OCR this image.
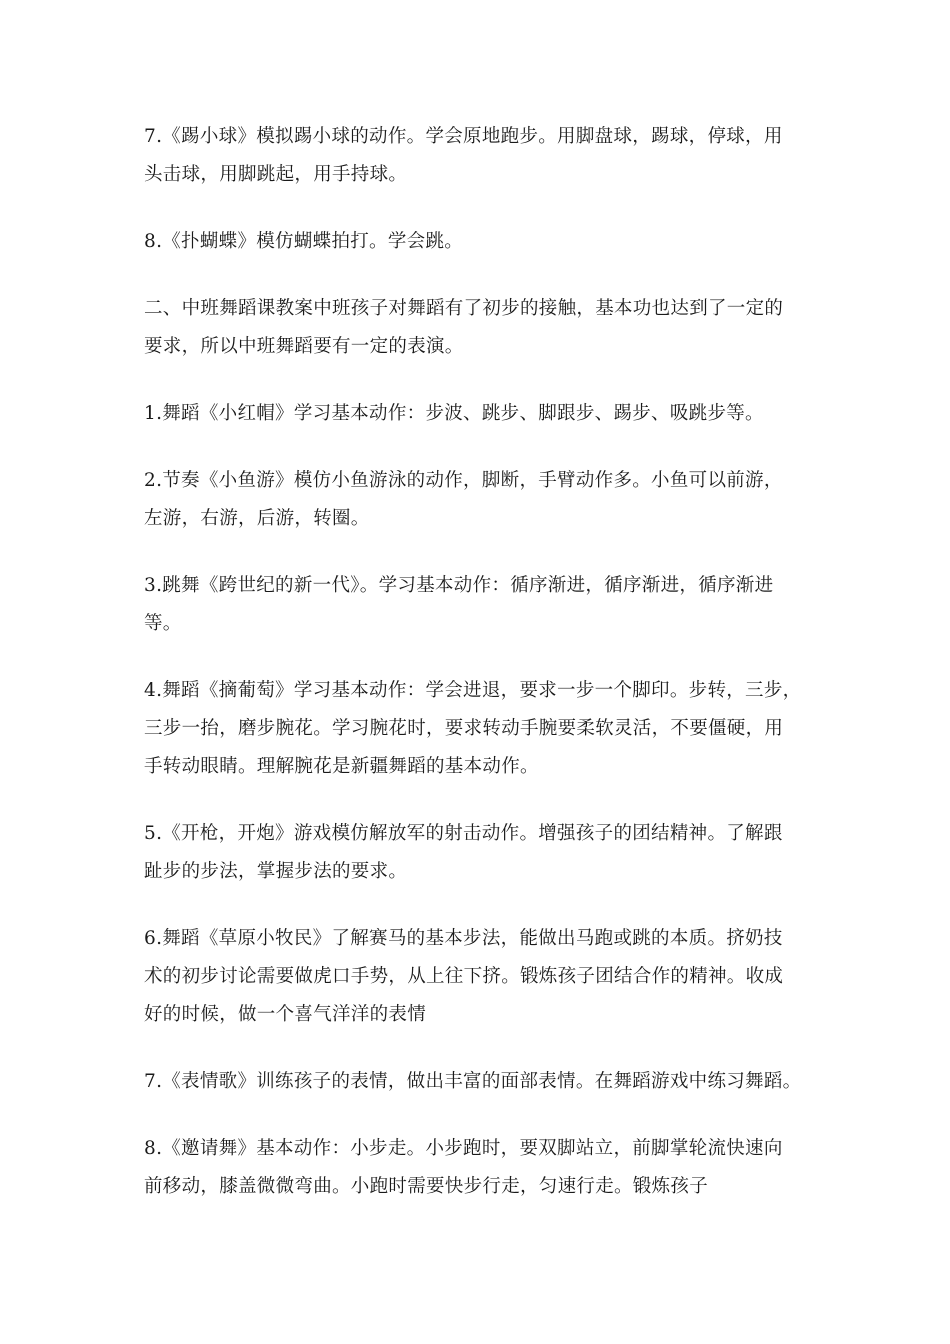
7.《踢小球》模拟踢小球的动作。学会原地跑步。用脚盘球，踢球，停球，用
头击球，用脚跳起，用手持球。

8.《扑蝴蝶》模仿蝴蝶拍打。学会跳。

二、中班舞蹈课教案中班孩子对舞蹈有了初步的接触，基本功也达到了一定的
要求，所以中班舞蹈要有一定的表演。

1.舞蹈《小红帽》学习基本动作：步波、跳步、脚跟步、踢步、吸跳步等。

2.节奏《小鱼游》模仿小鱼游泳的动作，脚断，手臂动作多。小鱼可以前游，
左游，右游，后游，转圈。

3.跳舞《跨世纪的新一代》。学习基本动作：循序渐进，循序渐进，循序渐进
等。

4.舞蹈《摘葡萄》学习基本动作：学会进退，要求一步一个脚印。步转，三步，
三步一抬，磨步腕花。学习腕花时，要求转动手腕要柔软灵活，不要僵硬，用
手转动眼睛。理解腕花是新疆舞蹈的基本动作。

5.《开枪，开炮》游戏模仿解放军的射击动作。增强孩子的团结精神。了解跟
趾步的步法，掌握步法的要求。

6.舞蹈《草原小牧民》了解赛马的基本步法，能做出马跑或跳的本质。挤奶技
术的初步讨论需要做虎口手势，从上往下挤。锻炼孩子团结合作的精神。收成
好的时候，做一个喜气洋洋的表情

7.《表情歌》训练孩子的表情，做出丰富的面部表情。在舞蹈游戏中练习舞蹈。

8.《邀请舞》基本动作：小步走。小步跑时，要双脚站立，前脚掌轮流快速向
前移动，膝盖微微弯曲。小跑时需要快步行走，匀速行走。锻炼孩子
